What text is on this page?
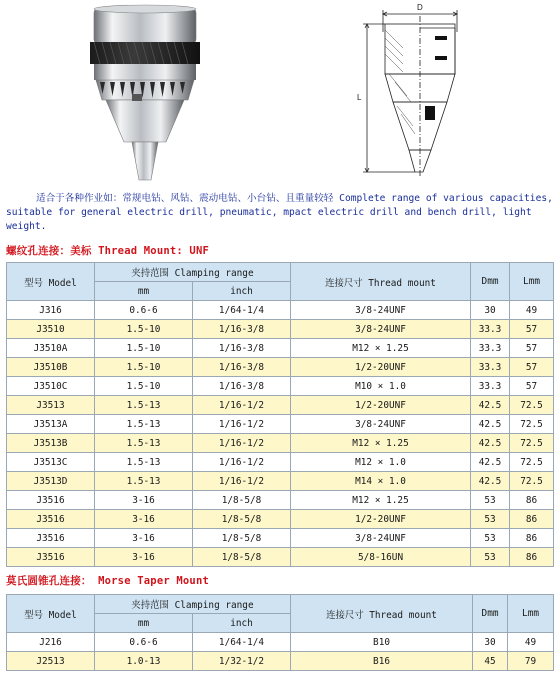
D
L
适合于各种作业如：常规电钻、风钻、震动电钻、小台钻、且重量较轻 Complete range of various capacities, suitable for general electric drill, pneumatic, mpact electric drill and bench drill, light weight.
螺纹孔连接：美标 Thread Mount: UNF
型号 Model	夹持范围 Clamping range		连接尺寸 Thread mount	Dmm	Lmm
	mm	inch			
J316	0.6-6	1/64-1/4	3/8-24UNF	30	49
J3510	1.5-10	1/16-3/8	3/8-24UNF	33.3	57
J3510A	1.5-10	1/16-3/8	M12 × 1.25	33.3	57
J3510B	1.5-10	1/16-3/8	1/2-20UNF	33.3	57
J3510C	1.5-10	1/16-3/8	M10 × 1.0	33.3	57
J3513	1.5-13	1/16-1/2	1/2-20UNF	42.5	72.5
J3513A	1.5-13	1/16-1/2	3/8-24UNF	42.5	72.5
J3513B	1.5-13	1/16-1/2	M12 × 1.25	42.5	72.5
J3513C	1.5-13	1/16-1/2	M12 × 1.0	42.5	72.5
J3513D	1.5-13	1/16-1/2	M14 × 1.0	42.5	72.5
J3516	3-16	1/8-5/8	M12 × 1.25	53	86
J3516	3-16	1/8-5/8	1/2-20UNF	53	86
J3516	3-16	1/8-5/8	3/8-24UNF	53	86
J3516	3-16	1/8-5/8	5/8-16UN	53	86
莫氏圆锥孔连接： Morse Taper Mount
型号 Model	夹持范围 Clamping range		连接尺寸 Thread mount	Dmm	Lmm
	mm	inch			
J216	0.6-6	1/64-1/4	B10	30	49
J2513	1.0-13	1/32-1/2	B16	45	79
